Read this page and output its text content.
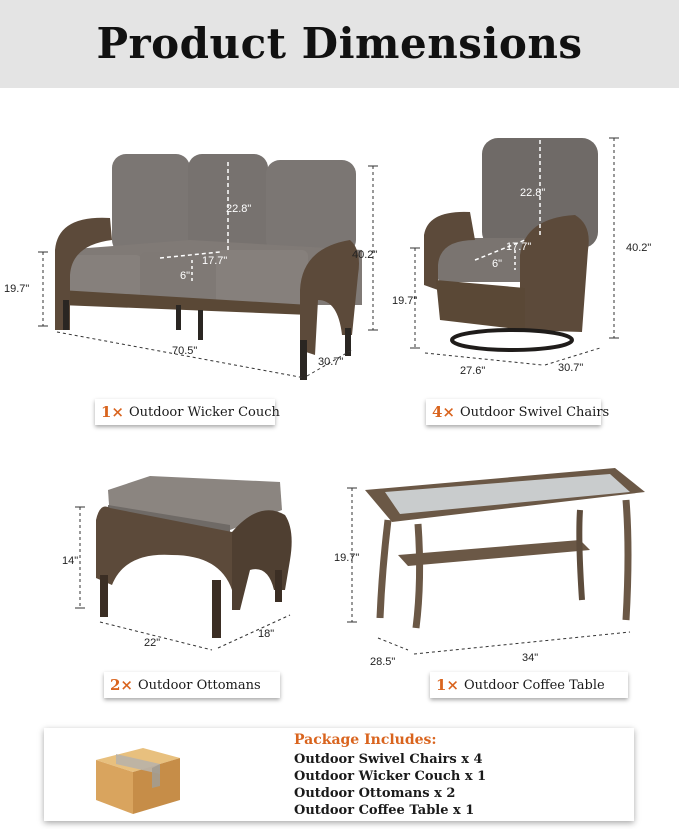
Product Dimensions
22.8"
17.7"
6"
19.7"
40.2"
70.5"
30.7"
1× Outdoor Wicker Couch
22.8"
17.7"
6"
19.7"
40.2"
27.6"	30.7"
4× Outdoor Swivel Chairs
14"
22"
18"
2× Outdoor Ottomans
19.7"
28.5"	34"
1× Outdoor Coffee Table
Package Includes:
Outdoor Swivel Chairs x 4
Outdoor Wicker Couch x 1
Outdoor Ottomans x 2
Outdoor Coffee Table x 1
